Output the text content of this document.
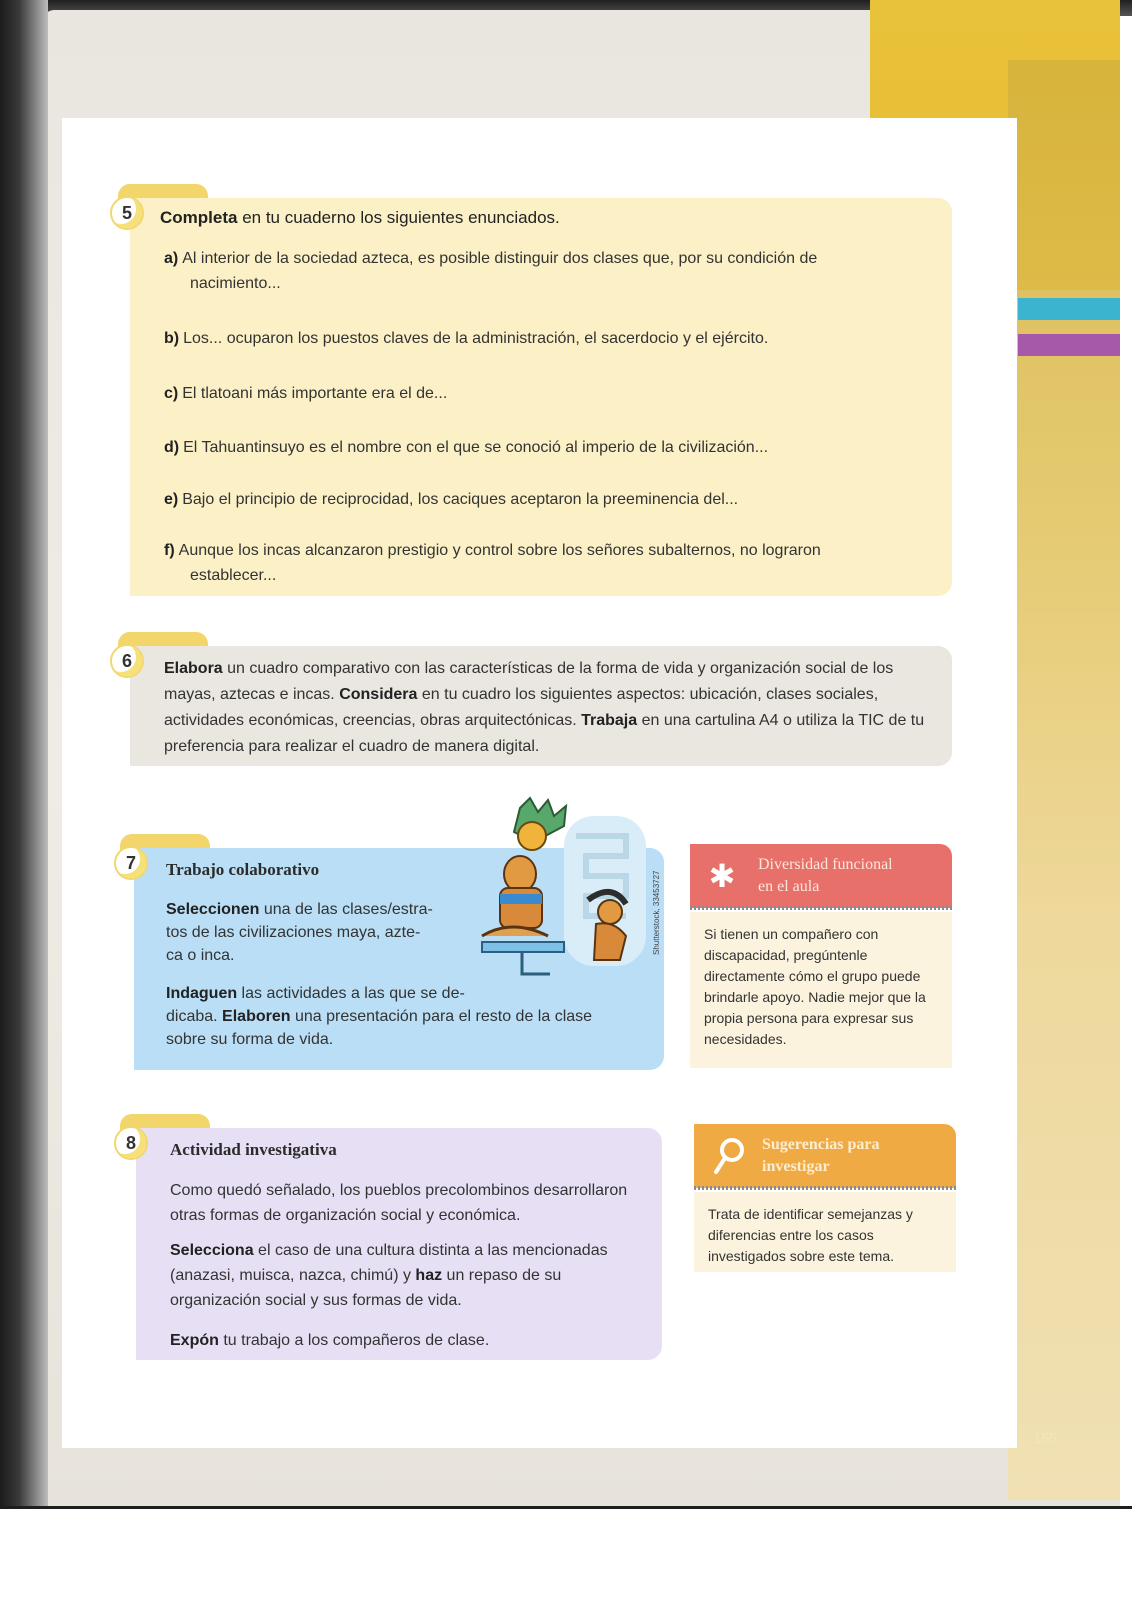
155
5	Completa en tu cuaderno los siguientes enunciados.
a) Al interior de la sociedad azteca, es posible distinguir dos clases que, por su condición de
nacimiento...
b) Los... ocuparon los puestos claves de la administración, el sacerdocio y el ejército.
c) El tlatoani más importante era el de...
d) El Tahuantinsuyo es el nombre con el que se conoció al imperio de la civilización...
e) Bajo el principio de reciprocidad, los caciques aceptaron la preeminencia del...
f) Aunque los incas alcanzaron prestigio y control sobre los señores subalternos, no lograron
establecer...
6	Elabora un cuadro comparativo con las características de la forma de vida y organización social de los mayas, aztecas e incas. Considera en tu cuadro los siguientes aspectos: ubicación, clases sociales, actividades económicas, creencias, obras arquitectónicas. Trabaja en una cartulina A4 o utiliza la TIC de tu preferencia para realizar el cuadro de manera digital.
7	Trabajo colaborativo
Seleccionen una de las clases/estra-
tos de las civilizaciones maya, azte-
ca o inca.
Indaguen las actividades a las que se de-
dicaba. Elaboren una presentación para el resto de la clase
sobre su forma de vida.
Shutterstock, 33453727 ✱ Diversidad funcional
en el aula
Si tienen un compañero con discapacidad, pregúntenle directamente cómo el grupo puede brindarle apoyo. Nadie mejor que la propia persona para expresar sus necesidades.
8	Actividad investigativa
Como quedó señalado, los pueblos precolombinos desarrollaron otras formas de organización social y económica.
Selecciona el caso de una cultura distinta a las mencionadas (anazasi, muisca, nazca, chimú) y haz un repaso de su organización social y sus formas de vida.
Expón tu trabajo a los compañeros de clase.
Sugerencias para
investigar
Trata de identificar semejanzas y diferencias entre los casos investigados sobre este tema.
